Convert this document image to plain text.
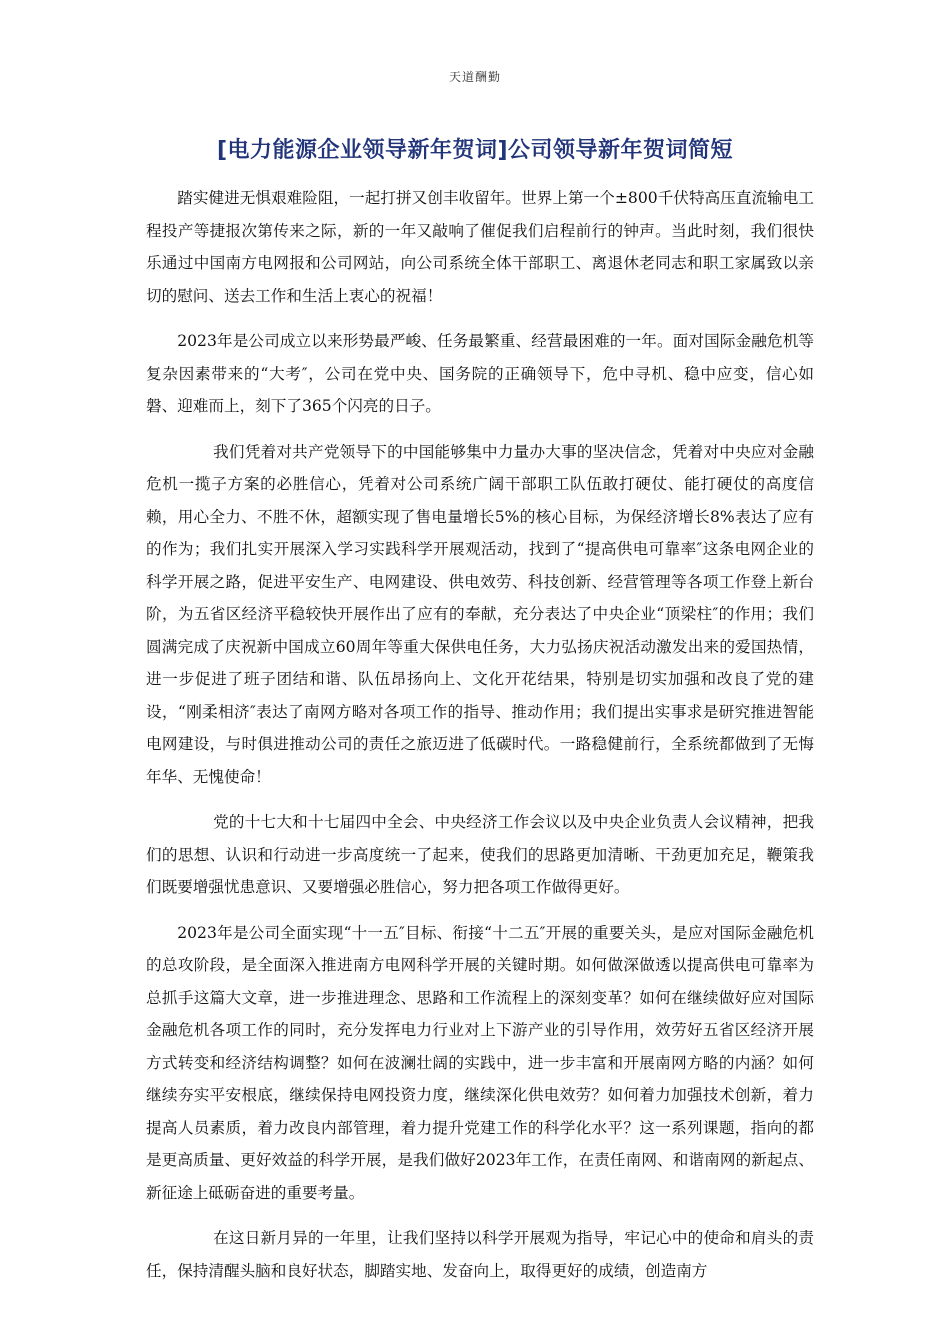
天道酬勤
[电力能源企业领导新年贺词]公司领导新年贺词简短

踏实健进无惧艰难险阻，一起打拼又创丰收留年。世界上第一个±800千伏特高压直流输电工程投产等捷报次第传来之际，新的一年又敲响了催促我们启程前行的钟声。当此时刻，我们很快乐通过中国南方电网报和公司网站，向公司系统全体干部职工、离退休老同志和职工家属致以亲切的慰问、送去工作和生活上衷心的祝福！

2023年是公司成立以来形势最严峻、任务最繁重、经营最困难的一年。面对国际金融危机等复杂因素带来的“大考″，公司在党中央、国务院的正确领导下，危中寻机、稳中应变，信心如磐、迎难而上，刻下了365个闪亮的日子。

我们凭着对共产党领导下的中国能够集中力量办大事的坚决信念，凭着对中央应对金融危机一揽子方案的必胜信心，凭着对公司系统广阔干部职工队伍敢打硬仗、能打硬仗的高度信赖，用心全力、不胜不休，超额实现了售电量增长5%的核心目标，为保经济增长8%表达了应有的作为；我们扎实开展深入学习实践科学开展观活动，找到了“提高供电可靠率″这条电网企业的科学开展之路，促进平安生产、电网建设、供电效劳、科技创新、经营管理等各项工作登上新台阶，为五省区经济平稳较快开展作出了应有的奉献，充分表达了中央企业“顶梁柱″的作用；我们圆满完成了庆祝新中国成立60周年等重大保供电任务，大力弘扬庆祝活动激发出来的爱国热情，进一步促进了班子团结和谐、队伍昂扬向上、文化开花结果，特别是切实加强和改良了党的建设，“刚柔相济″表达了南网方略对各项工作的指导、推动作用；我们提出实事求是研究推进智能电网建设，与时俱进推动公司的责任之旅迈进了低碳时代。一路稳健前行，全系统都做到了无悔年华、无愧使命！

党的十七大和十七届四中全会、中央经济工作会议以及中央企业负责人会议精神，把我们的思想、认识和行动进一步高度统一了起来，使我们的思路更加清晰、干劲更加充足，鞭策我们既要增强忧患意识、又要增强必胜信心，努力把各项工作做得更好。

2023年是公司全面实现“十一五″目标、衔接“十二五″开展的重要关头，是应对国际金融危机的总攻阶段，是全面深入推进南方电网科学开展的关键时期。如何做深做透以提高供电可靠率为总抓手这篇大文章，进一步推进理念、思路和工作流程上的深刻变革？如何在继续做好应对国际金融危机各项工作的同时，充分发挥电力行业对上下游产业的引导作用，效劳好五省区经济开展方式转变和经济结构调整？如何在波澜壮阔的实践中，进一步丰富和开展南网方略的内涵？如何继续夯实平安根底，继续保持电网投资力度，继续深化供电效劳？如何着力加强技术创新，着力提高人员素质，着力改良内部管理，着力提升党建工作的科学化水平？这一系列课题，指向的都是更高质量、更好效益的科学开展，是我们做好2023年工作，在责任南网、和谐南网的新起点、新征途上砥砺奋进的重要考量。

在这日新月异的一年里，让我们坚持以科学开展观为指导，牢记心中的使命和肩头的责任，保持清醒头脑和良好状态，脚踏实地、发奋向上，取得更好的成绩，创造南方
